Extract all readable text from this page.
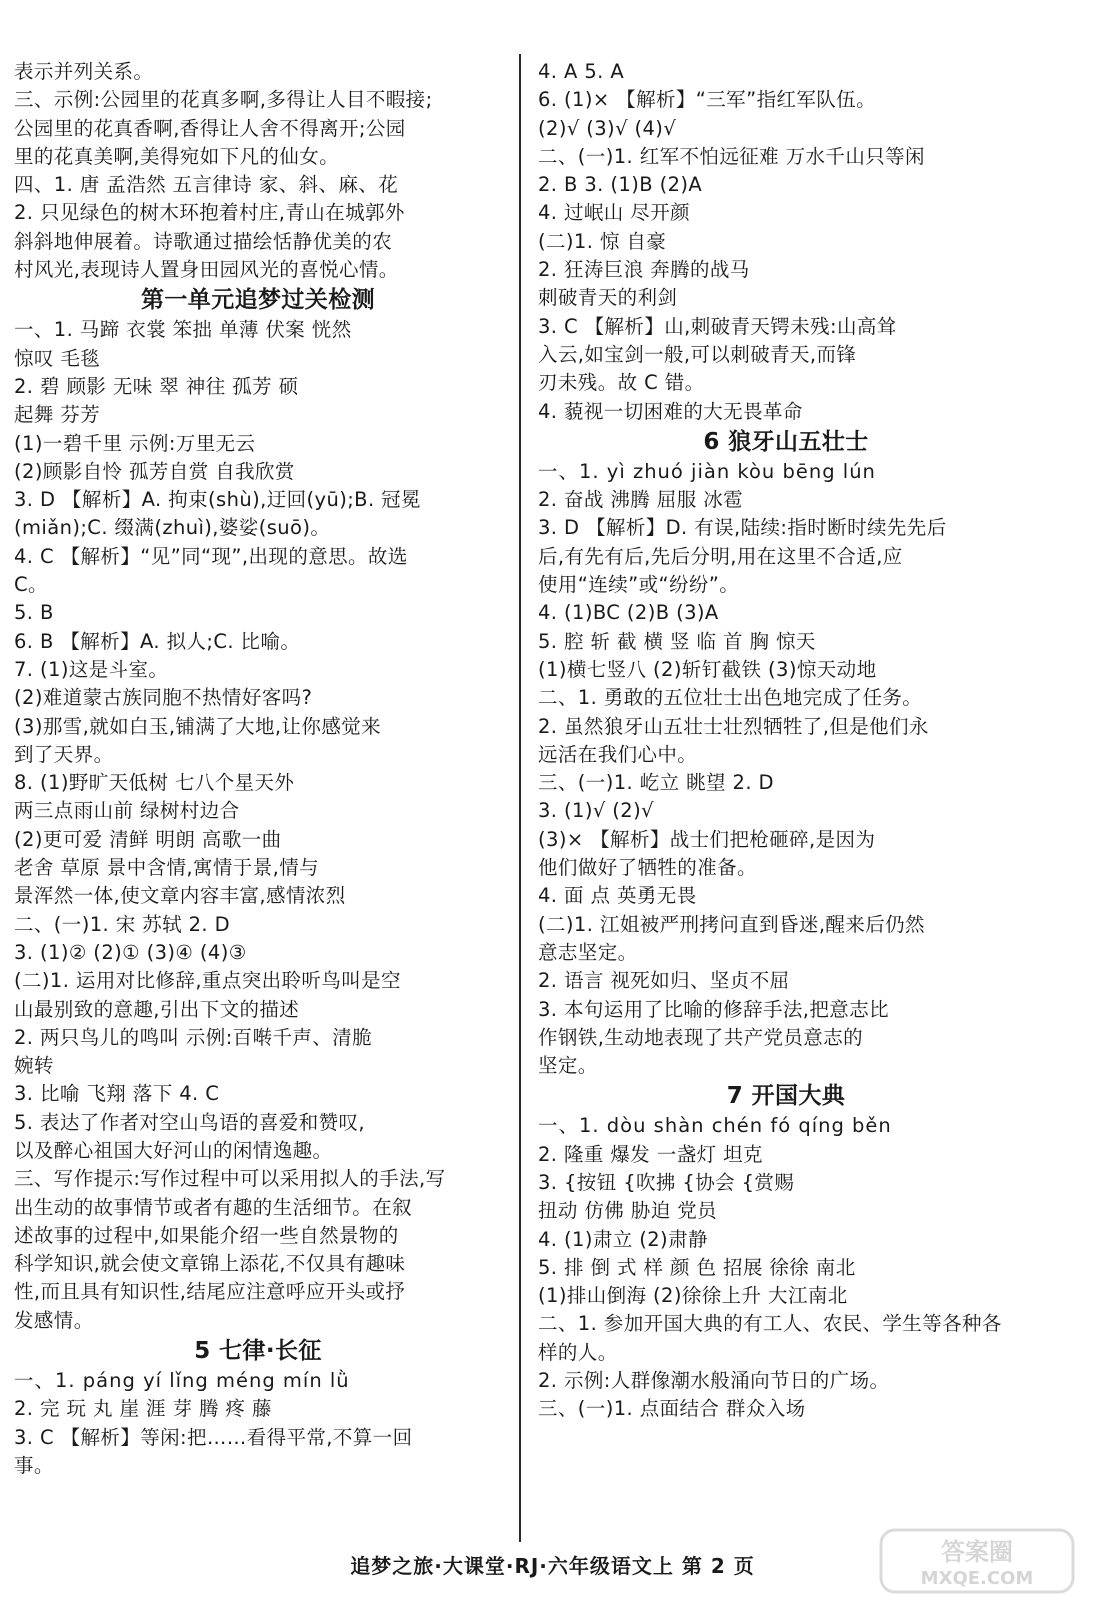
表示并列关系。
三、示例:公园里的花真多啊,多得让人目不暇接;
公园里的花真香啊,香得让人舍不得离开;公园
里的花真美啊,美得宛如下凡的仙女。
四、1. 唐 孟浩然 五言律诗 家、斜、麻、花
2. 只见绿色的树木环抱着村庄,青山在城郭外
斜斜地伸展着。诗歌通过描绘恬静优美的农
村风光,表现诗人置身田园风光的喜悦心情。
第一单元追梦过关检测
一、1. 马蹄 衣裳 笨拙 单薄 伏案 恍然
惊叹 毛毯
2. 碧 顾影 无味 翠 神往 孤芳 硕
起舞 芬芳
(1)一碧千里 示例:万里无云
(2)顾影自怜 孤芳自赏 自我欣赏
3. D 【解析】A. 拘束(shù),迂回(yū);B. 冠冕
(miǎn);C. 缀满(zhuì),婆娑(suō)。
4. C 【解析】“见”同“现”,出现的意思。故选
C。
5. B
6. B 【解析】A. 拟人;C. 比喻。
7. (1)这是斗室。
(2)难道蒙古族同胞不热情好客吗?
(3)那雪,就如白玉,铺满了大地,让你感觉来
到了天界。
8. (1)野旷天低树 七八个星天外
两三点雨山前 绿树村边合
(2)更可爱 清鲜 明朗 高歌一曲
老舍 草原 景中含情,寓情于景,情与
景浑然一体,使文章内容丰富,感情浓烈
二、(一)1. 宋 苏轼 2. D
3. (1)② (2)① (3)④ (4)③
(二)1. 运用对比修辞,重点突出聆听鸟叫是空
山最别致的意趣,引出下文的描述
2. 两只鸟儿的鸣叫 示例:百啭千声、清脆
婉转
3. 比喻 飞翔 落下 4. C
5. 表达了作者对空山鸟语的喜爱和赞叹,
以及醉心祖国大好河山的闲情逸趣。
三、写作提示:写作过程中可以采用拟人的手法,写
出生动的故事情节或者有趣的生活细节。在叙
述故事的过程中,如果能介绍一些自然景物的
科学知识,就会使文章锦上添花,不仅具有趣味
性,而且具有知识性,结尾应注意呼应开头或抒
发感情。
5 七律·长征
一、1. páng yí lǐng méng mín lǜ
2. 完 玩 丸 崖 涯 芽 腾 疼 藤
3. C 【解析】等闲:把……看得平常,不算一回
事。
4. A 5. A
6. (1)× 【解析】“三军”指红军队伍。
(2)√ (3)√ (4)√
二、(一)1. 红军不怕远征难 万水千山只等闲
2. B 3. (1)B (2)A
4. 过岷山 尽开颜
(二)1. 惊 自豪
2. 狂涛巨浪 奔腾的战马
刺破青天的利剑
3. C 【解析】山,刺破青天锷未残:山高耸
入云,如宝剑一般,可以刺破青天,而锋
刃未残。故 C 错。
4. 藐视一切困难的大无畏革命
6 狼牙山五壮士
一、1. yì zhuó jiàn kòu bēng lún
2. 奋战 沸腾 屈服 冰雹
3. D 【解析】D. 有误,陆续:指时断时续先先后
后,有先有后,先后分明,用在这里不合适,应
使用“连续”或“纷纷”。
4. (1)BC (2)B (3)A
5. 腔 斩 截 横 竖 临 首 胸 惊天
(1)横七竖八 (2)斩钉截铁 (3)惊天动地
二、1. 勇敢的五位壮士出色地完成了任务。
2. 虽然狼牙山五壮士壮烈牺牲了,但是他们永
远活在我们心中。
三、(一)1. 屹立 眺望 2. D
3. (1)√ (2)√
(3)× 【解析】战士们把枪砸碎,是因为
他们做好了牺牲的准备。
4. 面 点 英勇无畏
(二)1. 江姐被严刑拷问直到昏迷,醒来后仍然
意志坚定。
2. 语言 视死如归、坚贞不屈
3. 本句运用了比喻的修辞手法,把意志比
作钢铁,生动地表现了共产党员意志的
坚定。
7 开国大典
一、1. dòu shàn chén fó qíng běn
2. 隆重 爆发 一盏灯 坦克
3. {按钮 {吹拂 {协会 {赏赐
扭动 仿佛 胁迫 党员
4. (1)肃立 (2)肃静
5. 排 倒 式 样 颜 色 招展 徐徐 南北
(1)排山倒海 (2)徐徐上升 大江南北
二、1. 参加开国大典的有工人、农民、学生等各种各
样的人。
2. 示例:人群像潮水般涌向节日的广场。
三、(一)1. 点面结合 群众入场
追梦之旅·大课堂·RJ·六年级语文上 第 2 页	答案圈
MXQE.COM
